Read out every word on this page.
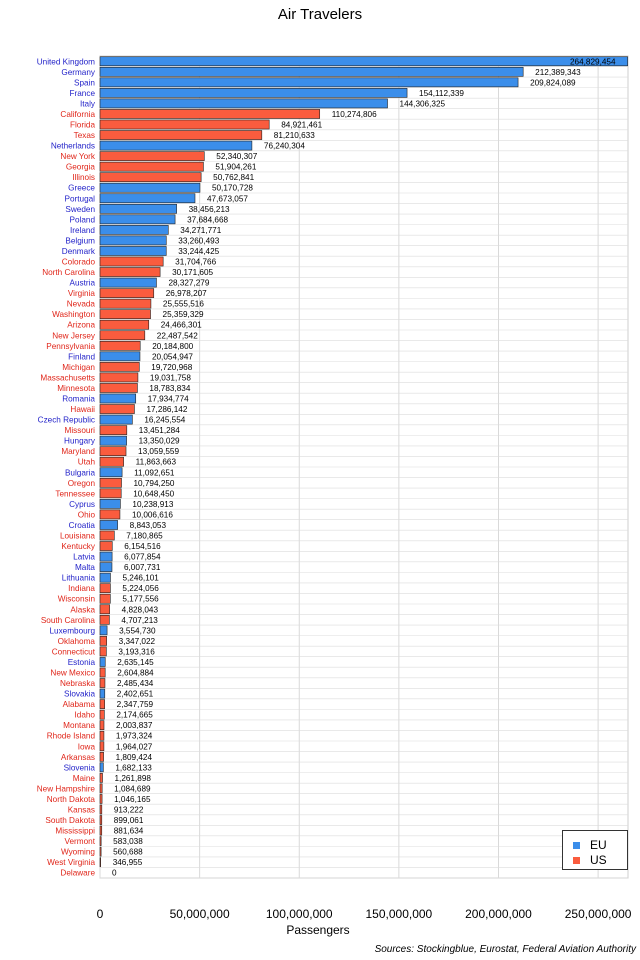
United Kingdom
Germany
Spain
France
Italy
California
Florida
Texas
Netherlands
New York
Georgia
Illinois
Greece
Portugal
Sweden
Poland
Ireland
Belgium
Denmark
Colorado
North Carolina
Austria
Virginia
Nevada
Washington
Arizona
New Jersey
Pennsylvania
Finland
Michigan
Massachusetts
Minnesota
Romania
Hawaii
Czech Republic
Missouri
Hungary
Maryland
Utah
Bulgaria
Oregon
Tennessee
Cyprus
Ohio
Croatia
Louisiana
Kentucky
Latvia
Malta
Lithuania
Indiana
Wisconsin
Alaska
South Carolina
Luxembourg
Oklahoma
Connecticut
Estonia
New Mexico
Nebraska
Slovakia
Alabama
Idaho
Montana
Rhode Island
Iowa
Arkansas
Slovenia
Maine
New Hampshire
North Dakota
Kansas
South Dakota
Mississippi
Vermont
Wyoming
West Virginia
Delaware
264,829,454
212,389,343
209,824,089
154,112,339
144,306,325
110,274,806
84,921,461
81,210,633
76,240,304
52,340,307
51,904,261
50,762,841
50,170,728
47,673,057
38,456,213
37,684,668
34,271,771
33,260,493
33,244,425
31,704,766
30,171,605
28,327,279
26,978,207
25,555,516
25,359,329
24,466,301
22,487,542
20,184,800
20,054,947
19,720,968
19,031,758
18,783,834
17,934,774
17,286,142
16,245,554
13,451,284
13,350,029
13,059,559
11,863,663
11,092,651
10,794,250
10,648,450
10,238,913
10,006,616
8,843,053
7,180,865
6,154,516
6,077,854
6,007,731
5,246,101
5,224,056
5,177,556
4,828,043
4,707,213
3,554,730
3,347,022
3,193,316
2,635,145
2,604,884
2,485,434
2,402,651
2,347,759
2,174,665
2,003,837
1,973,324
1,964,027
1,809,424
1,682,133
1,261,898
1,084,689
1,046,165
913,222
899,061
881,634
583,038
560,688
346,955
0
0	50,000,000	100,000,000	150,000,000	200,000,000	250,000,000
Passengers
Air Travelers
EU
US
Sources: Stockingblue, Eurostat, Federal Aviation Authority
